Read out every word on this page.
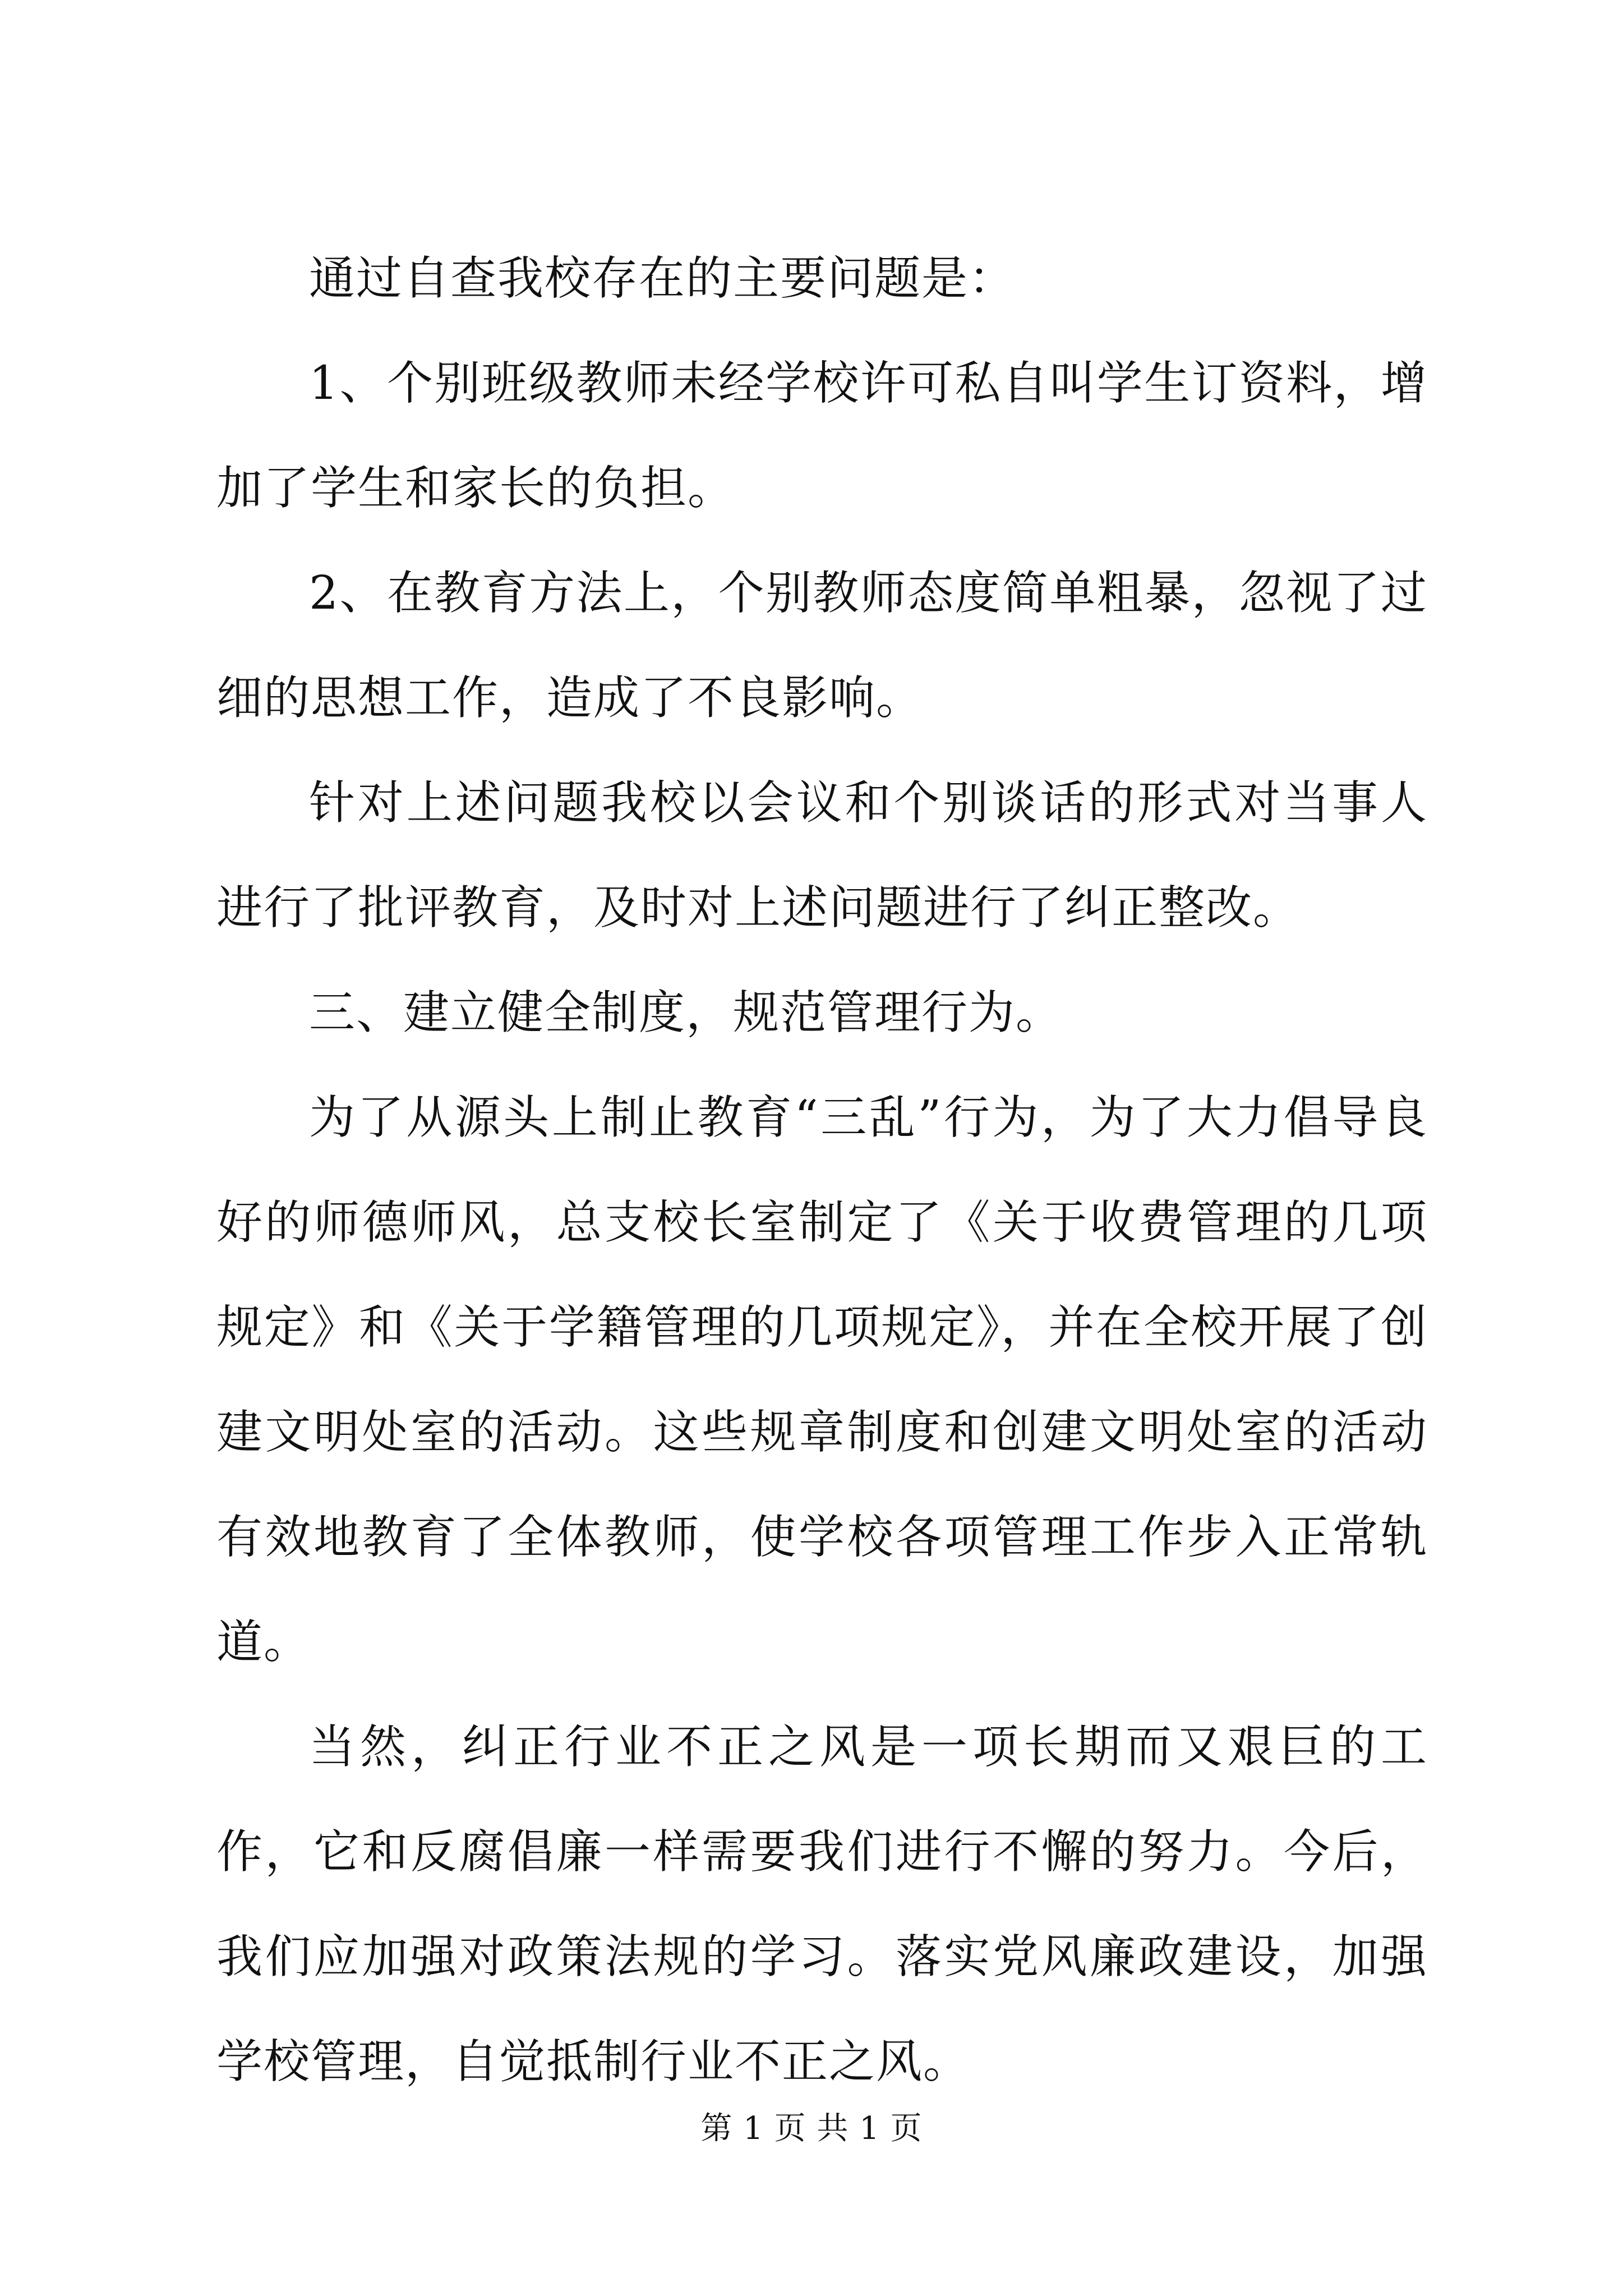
通过自查我校存在的主要问题是：

1、个别班级教师未经学校许可私自叫学生订资料，增加了学生和家长的负担。

2、在教育方法上，个别教师态度简单粗暴，忽视了过细的思想工作，造成了不良影响。

针对上述问题我校以会议和个别谈话的形式对当事人进行了批评教育，及时对上述问题进行了纠正整改。

三、建立健全制度，规范管理行为。

为了从源头上制止教育“三乱”行为，为了大力倡导良好的师德师风，总支校长室制定了《关于收费管理的几项规定》和《关于学籍管理的几项规定》，并在全校开展了创建文明处室的活动。这些规章制度和创建文明处室的活动有效地教育了全体教师，使学校各项管理工作步入正常轨道。

当然，纠正行业不正之风是一项长期而又艰巨的工作，它和反腐倡廉一样需要我们进行不懈的努力。今后，我们应加强对政策法规的学习。落实党风廉政建设，加强学校管理，自觉抵制行业不正之风。

第 1 页 共 1 页
